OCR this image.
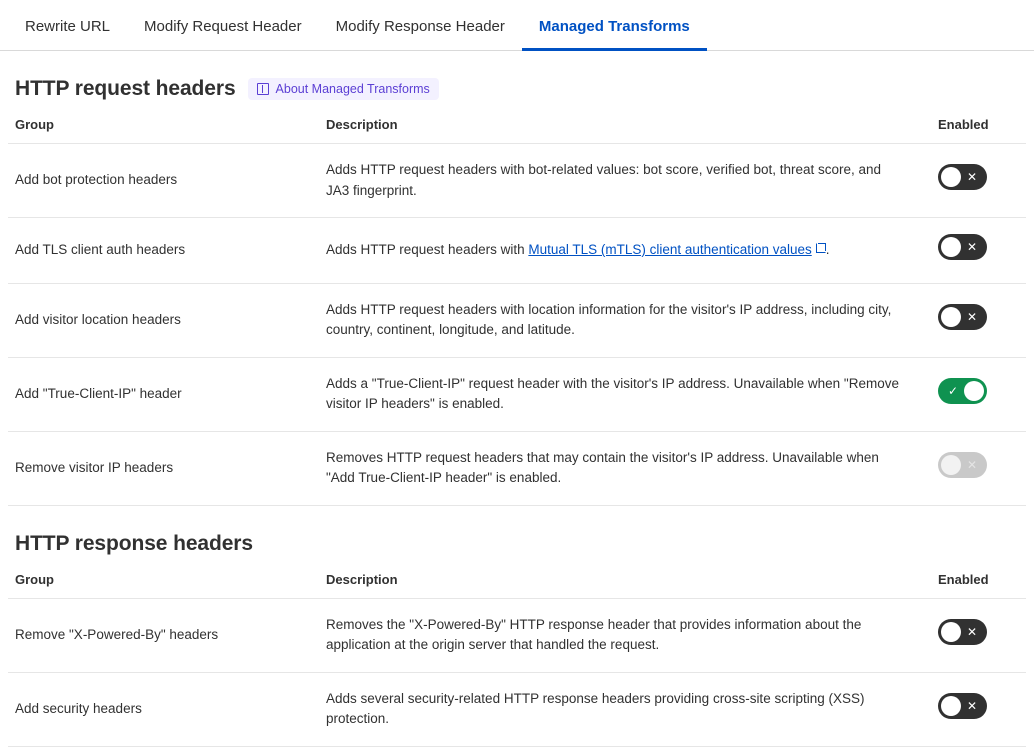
Rewrite URL	Modify Request Header	Modify Response Header	Managed Transforms
HTTP request headers	About Managed Transforms
Group	Description	Enabled
Add bot protection headers	Adds HTTP request headers with bot-related values: bot score, verified bot, threat score, and JA3 fingerprint.	✕

Add TLS client auth headers	Adds HTTP request headers with Mutual TLS (mTLS) client authentication values .	✕

Add visitor location headers	Adds HTTP request headers with location information for the visitor's IP address, including city, country, continent, longitude, and latitude.	✕

Add "True-Client-IP" header	Adds a "True-Client-IP" request header with the visitor's IP address. Unavailable when "Remove visitor IP headers" is enabled.	✓

Remove visitor IP headers	Removes HTTP request headers that may contain the visitor's IP address. Unavailable when "Add True-Client-IP header" is enabled.	✕
HTTP response headers
Group	Description	Enabled
Remove "X-Powered-By" headers	Removes the "X-Powered-By" HTTP response header that provides information about the application at the origin server that handled the request.	✕

Add security headers	Adds several security-related HTTP response headers providing cross-site scripting (XSS) protection.	✕
